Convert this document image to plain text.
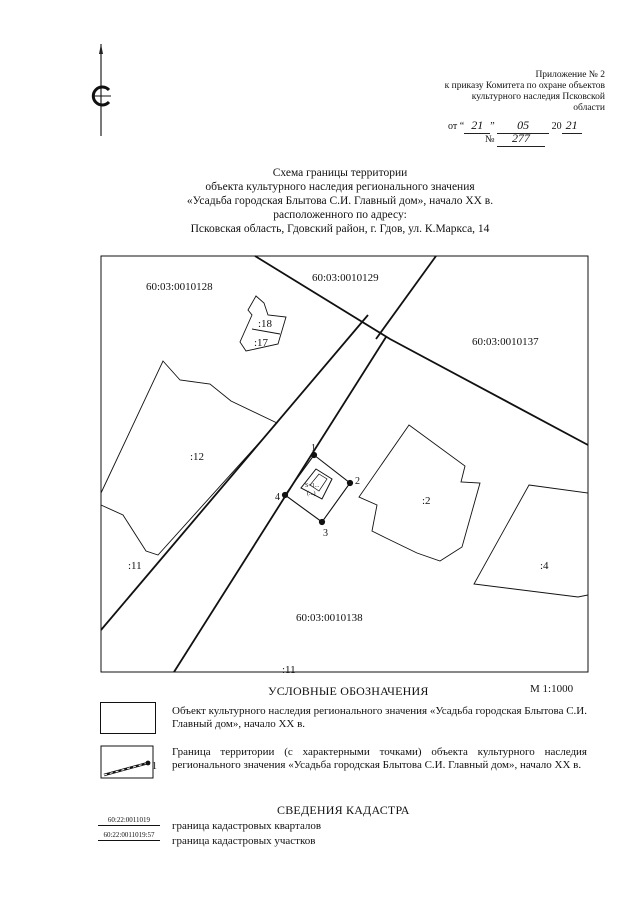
Приложение № 2
к приказу Комитета по охране объектов
культурного наследия Псковской
области
от “ 21 ” 05 20 21
№ 277
Схема границы территории
объекта культурного наследия регионального значения
«Усадьба городская Блытова С.И. Главный дом», начало XX в.
расположенного по адресу:
Псковская область, Гдовский район, г. Гдов, ул. К.Маркса, 14
60:03:0010128
60:03:0010129
60:03:0010137
60:03:0010138
:18
:17
:12
:2
:11	:4
:11
1
2
3
4
S=1...
(...)
УСЛОВНЫЕ ОБОЗНАЧЕНИЯ	М 1:1000
Объект культурного наследия регионального значения «Усадьба городская Блытова С.И. Главный дом», начало XX в.
1
Граница территории (с характерными точками) объекта культурного наследия регионального значения «Усадьба городская Блытова С.И. Главный дом», начало XX в.
СВЕДЕНИЯ КАДАСТРА
60:22:0011019
60:22:0011019:57
граница кадастровых кварталов
граница кадастровых участков
